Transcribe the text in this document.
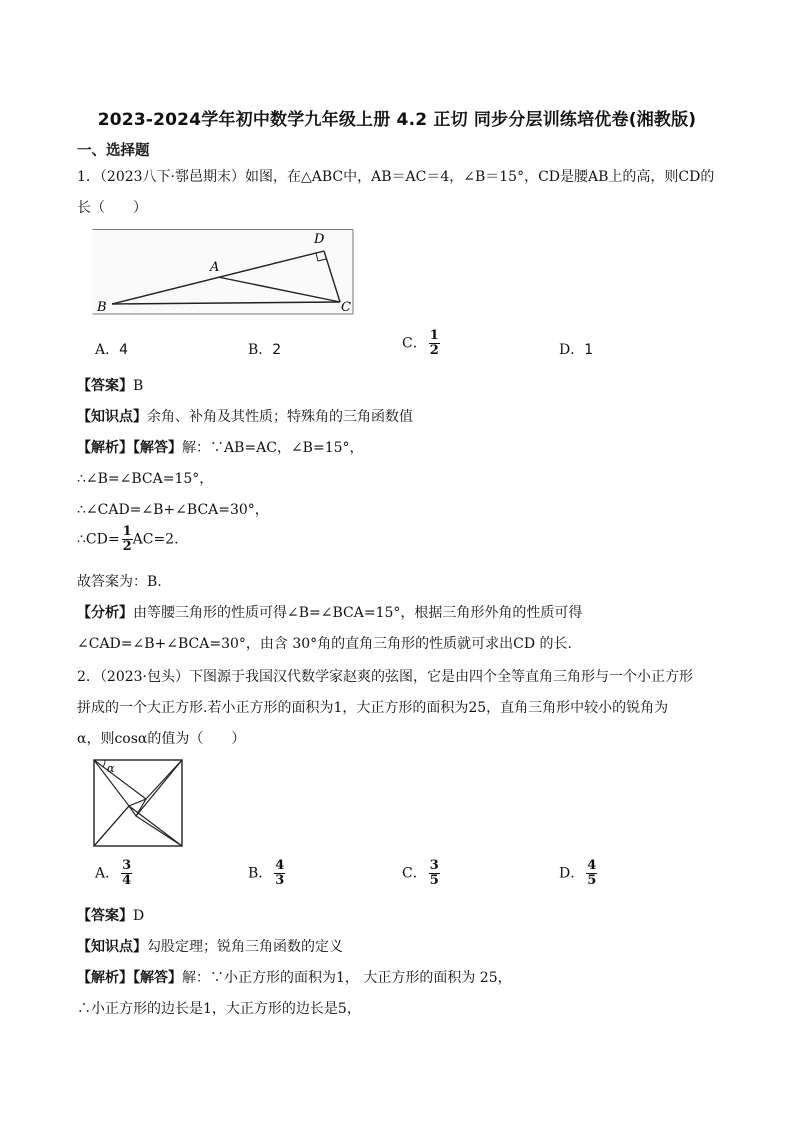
2023-2024学年初中数学九年级上册 4.2 正切 同步分层训练培优卷(湘教版)
一、选择题
1．（2023八下·鄠邑期末）如图，在△ABC中，AB＝AC＝4，∠B＝15°，CD是腰AB上的高，则CD的
长（　　）
A
B	C
D
A．4	B．2	C． $\frac{1}{2}$	D．1
【答案】B
【知识点】余角、补角及其性质；特殊角的三角函数值
【解析】【解答】解：∵AB=AC，∠B=15°，
∴∠B=∠BCA=15°，
∴∠CAD=∠B+∠BCA=30°，
∴CD= $\frac{1}{2} AC=2$.
故答案为：B.
【分析】由等腰三角形的性质可得∠B=∠BCA=15°，根据三角形外角的性质可得
∠CAD=∠B+∠BCA=30°，由含 30°角的直角三角形的性质就可求出CD 的长.
2．（2023·包头）下图源于我国汉代数学家赵爽的弦图，它是由四个全等直角三角形与一个小正方形
拼成的一个大正方形.若小正方形的面积为1，大正方形的面积为25，直角三角形中较小的锐角为
α，则cosα的值为（　　）
α
A． $\frac{3}{4}$	B． $\frac{4}{3}$	C． $\frac{3}{5}$	D． $\frac{4}{5}$
【答案】D
【知识点】勾股定理；锐角三角函数的定义
【解析】【解答】解：∵小正方形的面积为1， 大正方形的面积为 25，
∴小正方形的边长是1，大正方形的边长是5，
